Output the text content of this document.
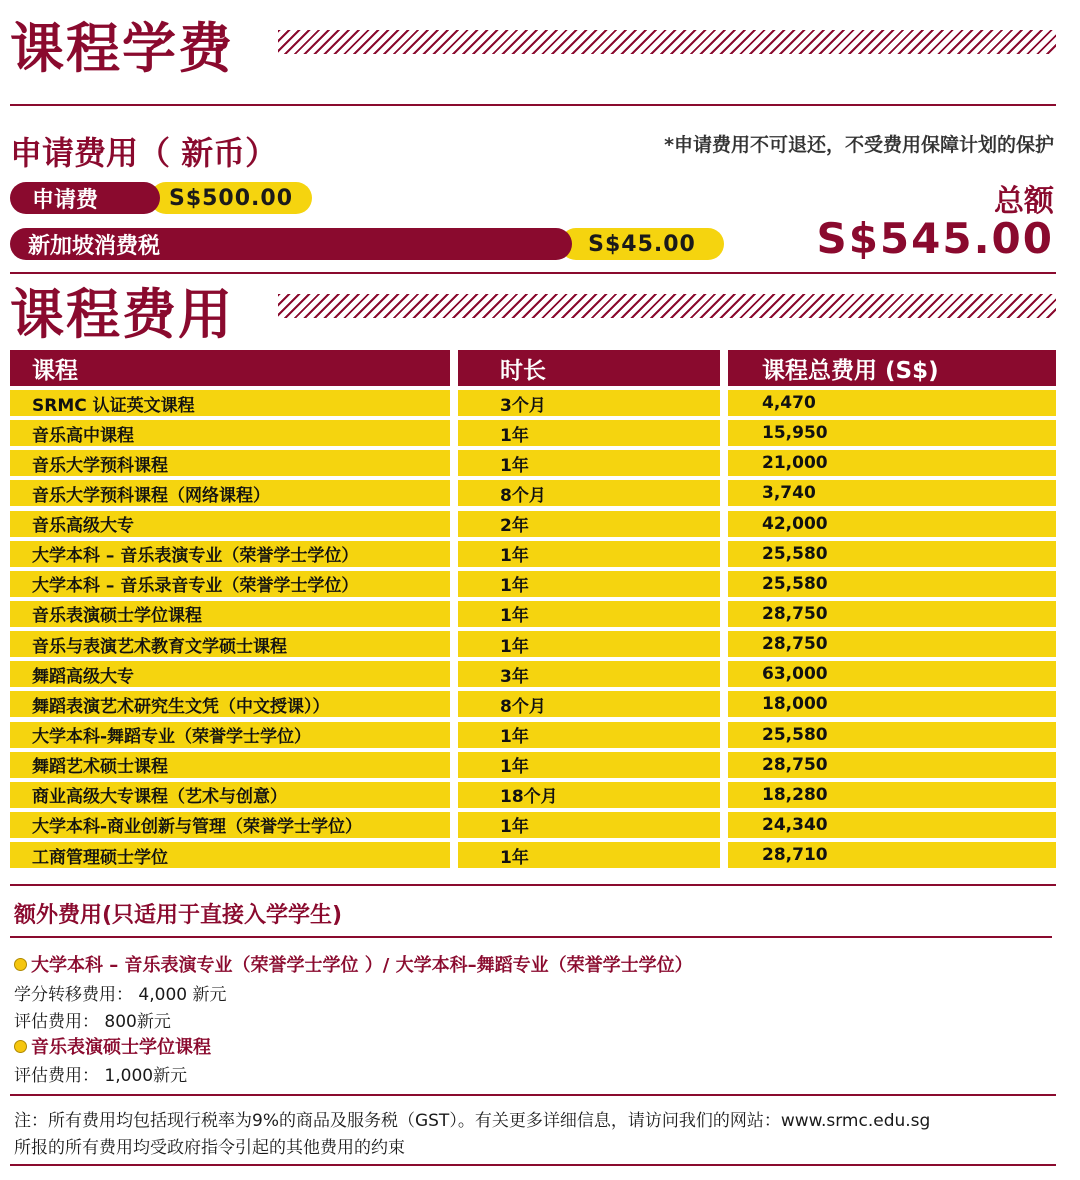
课程学费
申请费用（ 新币）	*申请费用不可退还，不受费用保障计划的保护
S$500.00
申请费
S$45.00
新加坡消费税
总额
S$545.00
课程费用
课程	时长	课程总费用 (S$)
SRMC 认证英文课程	3个月	4,470
音乐高中课程	1年	15,950
音乐大学预科课程	1年	21,000
音乐大学预科课程（网络课程）	8个月	3,740
音乐高级大专	2年	42,000
大学本科 – 音乐表演专业（荣誉学士学位）	1年	25,580
大学本科 – 音乐录音专业（荣誉学士学位）	1年	25,580
音乐表演硕士学位课程	1年	28,750
音乐与表演艺术教育文学硕士课程	1年	28,750
舞蹈高级大专	3年	63,000
舞蹈表演艺术研究生文凭（中文授课））	8个月	18,000
大学本科-舞蹈专业（荣誉学士学位）	1年	25,580
舞蹈艺术硕士课程	1年	28,750
商业高级大专课程（艺术与创意）	18个月	18,280
大学本科-商业创新与管理（荣誉学士学位）	1年	24,340
工商管理硕士学位	1年	28,710
额外费用(只适用于直接入学学生)
大学本科 – 音乐表演专业（荣誉学士学位 ）/ 大学本科–舞蹈专业（荣誉学士学位）
学分转移费用： 4,000 新元
评估费用： 800新元
音乐表演硕士学位课程
评估费用： 1,000新元
注：所有费用均包括现行税率为9%的商品及服务税（GST）。有关更多详细信息，请访问我们的网站：www.srmc.edu.sg
所报的所有费用均受政府指令引起的其他费用的约束
